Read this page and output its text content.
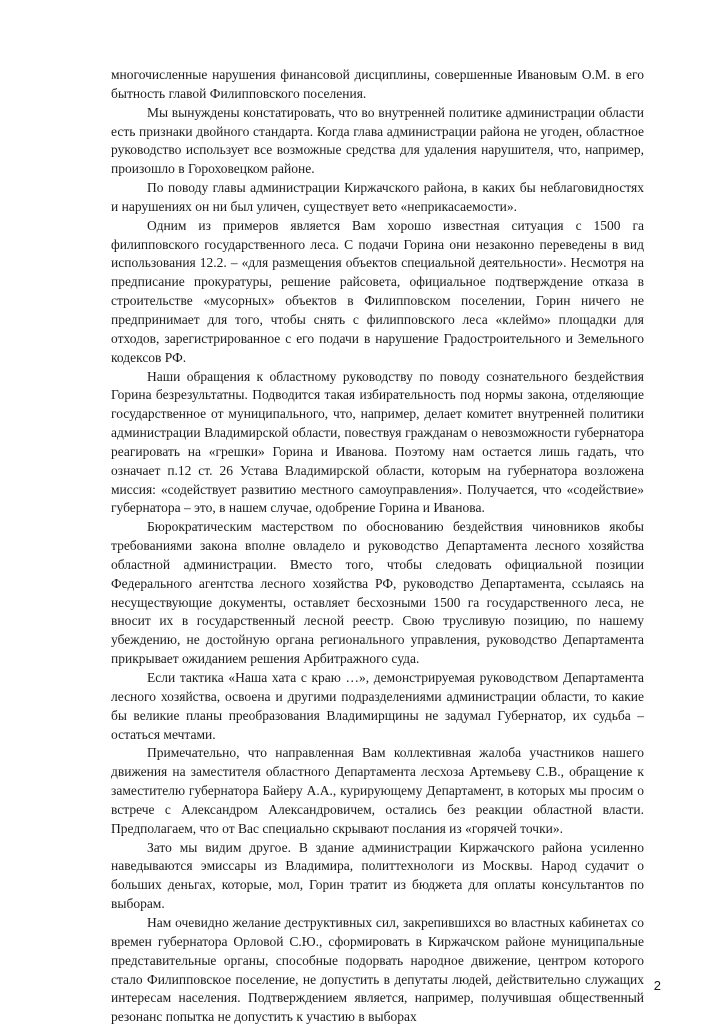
многочисленные нарушения финансовой дисциплины, совершенные Ивановым О.М. в его бытность главой Филипповского поселения.

Мы вынуждены констатировать, что во внутренней политике администрации области есть признаки двойного стандарта. Когда глава администрации района не угоден, областное руководство использует все возможные средства для удаления нарушителя, что, например, произошло в Гороховецком районе.

По поводу главы администрации Киржачского района, в каких бы неблаговидностях и нарушениях он ни был уличен, существует вето «неприкасаемости».

Одним из примеров является Вам хорошо известная ситуация с 1500 га филипповского государственного леса. С подачи Горина они незаконно переведены в вид использования 12.2. – «для размещения объектов специальной деятельности». Несмотря на предписание прокуратуры, решение райсовета, официальное подтверждение отказа в строительстве «мусорных» объектов в Филипповском поселении, Горин ничего не предпринимает для того, чтобы снять с филипповского леса «клеймо» площадки для отходов, зарегистрированное с его подачи в нарушение Градостроительного и Земельного кодексов РФ.

Наши обращения к областному руководству по поводу сознательного бездействия Горина безрезультатны. Подводится такая избирательность под нормы закона, отделяющие государственное от муниципального, что, например, делает комитет внутренней политики администрации Владимирской области, повествуя гражданам о невозможности губернатора реагировать на «грешки» Горина и Иванова. Поэтому нам остается лишь гадать, что означает п.12 ст. 26 Устава Владимирской области, которым на губернатора возложена миссия: «содействует развитию местного самоуправления». Получается, что «содействие» губернатора – это, в нашем случае, одобрение Горина и Иванова.

Бюрократическим мастерством по обоснованию бездействия чиновников якобы требованиями закона вполне овладело и руководство Департамента лесного хозяйства областной администрации. Вместо того, чтобы следовать официальной позиции Федерального агентства лесного хозяйства РФ, руководство Департамента, ссылаясь на несуществующие документы, оставляет бесхозными 1500 га государственного леса, не вносит их в государственный лесной реестр. Свою трусливую позицию, по нашему убеждению, не достойную органа регионального управления, руководство Департамента прикрывает ожиданием решения Арбитражного суда.

Если тактика «Наша хата с краю …», демонстрируемая руководством Департамента лесного хозяйства, освоена и другими подразделениями администрации области, то какие бы великие планы преобразования Владимирщины не задумал Губернатор, их судьба – остаться мечтами.

Примечательно, что направленная Вам коллективная жалоба участников нашего движения на заместителя областного Департамента лесхоза Артемьеву С.В., обращение к заместителю губернатора Байеру А.А., курирующему Департамент, в которых мы просим о встрече с Александром Александровичем, остались без реакции областной власти. Предполагаем, что от Вас специально скрывают послания из «горячей точки».

Зато мы видим другое. В здание администрации Киржачского района усиленно наведываются эмиссары из Владимира, политтехнологи из Москвы. Народ судачит о больших деньгах, которые, мол, Горин тратит из бюджета для оплаты консультантов по выборам.

Нам очевидно желание деструктивных сил, закрепившихся во властных кабинетах со времен губернатора Орловой С.Ю., сформировать в Киржачском районе муниципальные представительные органы, способные подорвать народное движение, центром которого стало Филипповское поселение, не допустить в депутаты людей, действительно служащих интересам населения. Подтверждением является, например, получившая общественный резонанс попытка не допустить к участию в выборах

2
